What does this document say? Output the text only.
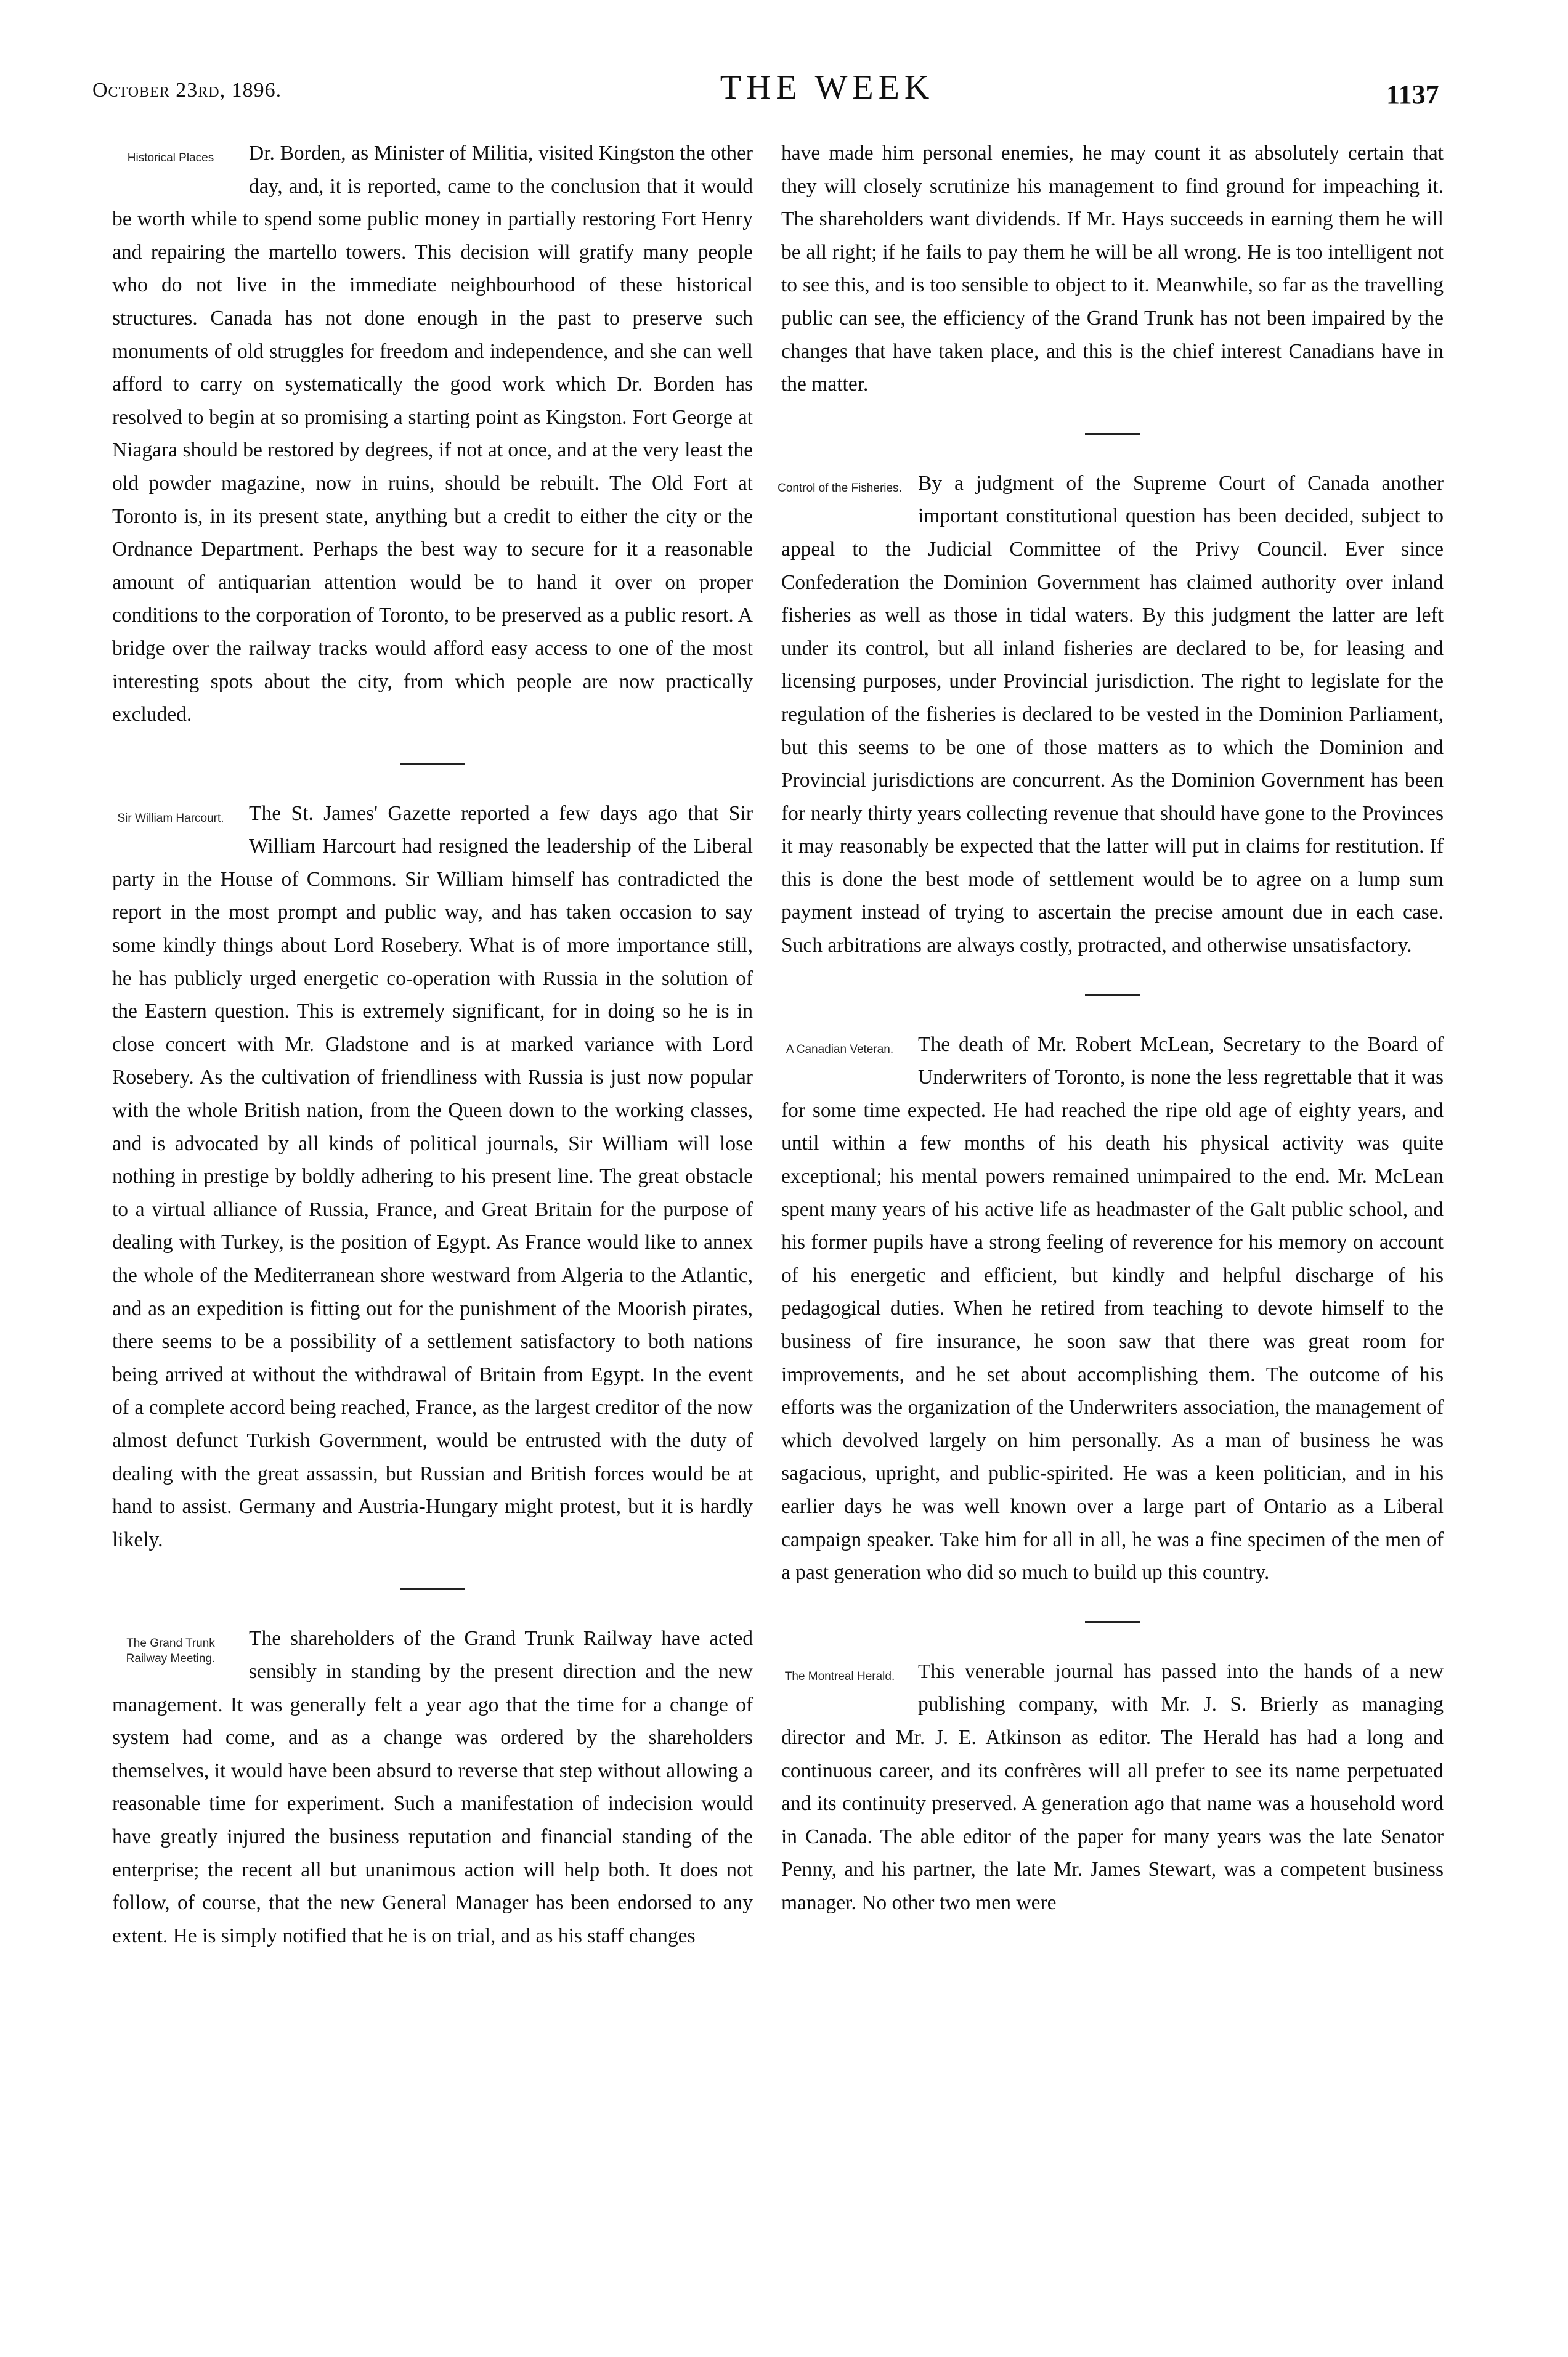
October 23rd, 1896.	THE WEEK	1137
Historical Places	Dr. Borden, as Minister of Militia, visited Kingston the other day, and, it is reported, came to the conclusion that it would be worth while to spend some public money in partially restoring Fort Henry and repairing the martello towers. This decision will gratify many people who do not live in the immediate neighbourhood of these historical structures. Canada has not done enough in the past to preserve such monuments of old struggles for freedom and independence, and she can well afford to carry on systematically the good work which Dr. Borden has resolved to begin at so promising a starting point as Kingston. Fort George at Niagara should be restored by degrees, if not at once, and at the very least the old powder magazine, now in ruins, should be rebuilt. The Old Fort at Toronto is, in its present state, anything but a credit to either the city or the Ordnance Department. Perhaps the best way to secure for it a reasonable amount of antiquarian attention would be to hand it over on proper conditions to the corporation of Toronto, to be preserved as a public resort. A bridge over the railway tracks would afford easy access to one of the most interesting spots about the city, from which people are now practically excluded.

Sir William Harcourt.	The St. James' Gazette reported a few days ago that Sir William Harcourt had resigned the leadership of the Liberal party in the House of Commons. Sir William himself has contradicted the report in the most prompt and public way, and has taken occasion to say some kindly things about Lord Rosebery. What is of more importance still, he has publicly urged energetic co-operation with Russia in the solution of the Eastern question. This is extremely significant, for in doing so he is in close concert with Mr. Gladstone and is at marked variance with Lord Rosebery. As the cultivation of friendliness with Russia is just now popular with the whole British nation, from the Queen down to the working classes, and is advocated by all kinds of political journals, Sir William will lose nothing in prestige by boldly adhering to his present line. The great obstacle to a virtual alliance of Russia, France, and Great Britain for the purpose of dealing with Turkey, is the position of Egypt. As France would like to annex the whole of the Mediterranean shore westward from Algeria to the Atlantic, and as an expedition is fitting out for the punishment of the Moorish pirates, there seems to be a possibility of a settlement satisfactory to both nations being arrived at without the withdrawal of Britain from Egypt. In the event of a complete accord being reached, France, as the largest creditor of the now almost defunct Turkish Government, would be entrusted with the duty of dealing with the great assassin, but Russian and British forces would be at hand to assist. Germany and Austria-Hungary might protest, but it is hardly likely.

The Grand Trunk Railway Meeting.

The shareholders of the Grand Trunk Railway have acted sensibly in standing by the present direction and the new management. It was generally felt a year ago that the time for a change of system had come, and as a change was ordered by the shareholders themselves, it would have been absurd to reverse that step without allowing a reasonable time for experiment. Such a manifestation of indecision would have greatly injured the business reputation and financial standing of the enterprise; the recent all but unanimous action will help both. It does not follow, of course, that the new General Manager has been endorsed to any extent. He is simply notified that he is on trial, and as his staff changes

have made him personal enemies, he may count it as absolutely certain that they will closely scrutinize his management to find ground for impeaching it. The shareholders want dividends. If Mr. Hays succeeds in earning them he will be all right; if he fails to pay them he will be all wrong. He is too intelligent not to see this, and is too sensible to object to it. Meanwhile, so far as the travelling public can see, the efficiency of the Grand Trunk has not been impaired by the changes that have taken place, and this is the chief interest Canadians have in the matter.

Control of the Fisheries. By a judgment of the Supreme Court of Canada another important constitutional question has been decided, subject to appeal to the Judicial Committee of the Privy Council. Ever since Confederation the Dominion Government has claimed authority over inland fisheries as well as those in tidal waters. By this judgment the latter are left under its control, but all inland fisheries are declared to be, for leasing and licensing purposes, under Provincial jurisdiction. The right to legislate for the regulation of the fisheries is declared to be vested in the Dominion Parliament, but this seems to be one of those matters as to which the Dominion and Provincial jurisdictions are concurrent. As the Dominion Government has been for nearly thirty years collecting revenue that should have gone to the Provinces it may reasonably be expected that the latter will put in claims for restitution. If this is done the best mode of settlement would be to agree on a lump sum payment instead of trying to ascertain the precise amount due in each case. Such arbitrations are always costly, protracted, and otherwise unsatisfactory.

A Canadian Veteran.	The death of Mr. Robert McLean, Secretary to the Board of Underwriters of Toronto, is none the less regrettable that it was for some time expected. He had reached the ripe old age of eighty years, and until within a few months of his death his physical activity was quite exceptional; his mental powers remained unimpaired to the end. Mr. McLean spent many years of his active life as headmaster of the Galt public school, and his former pupils have a strong feeling of reverence for his memory on account of his energetic and efficient, but kindly and helpful discharge of his pedagogical duties. When he retired from teaching to devote himself to the business of fire insurance, he soon saw that there was great room for improvements, and he set about accomplishing them. The outcome of his efforts was the organization of the Underwriters association, the management of which devolved largely on him personally. As a man of business he was sagacious, upright, and public-spirited. He was a keen politician, and in his earlier days he was well known over a large part of Ontario as a Liberal campaign speaker. Take him for all in all, he was a fine specimen of the men of a past generation who did so much to build up this country.

The Montreal Herald.	This venerable journal has passed into the hands of a new publishing company, with Mr. J. S. Brierly as managing director and Mr. J. E. Atkinson as editor. The Herald has had a long and continuous career, and its confrères will all prefer to see its name perpetuated and its continuity preserved. A generation ago that name was a household word in Canada. The able editor of the paper for many years was the late Senator Penny, and his partner, the late Mr. James Stewart, was a competent business manager. No other two men were
